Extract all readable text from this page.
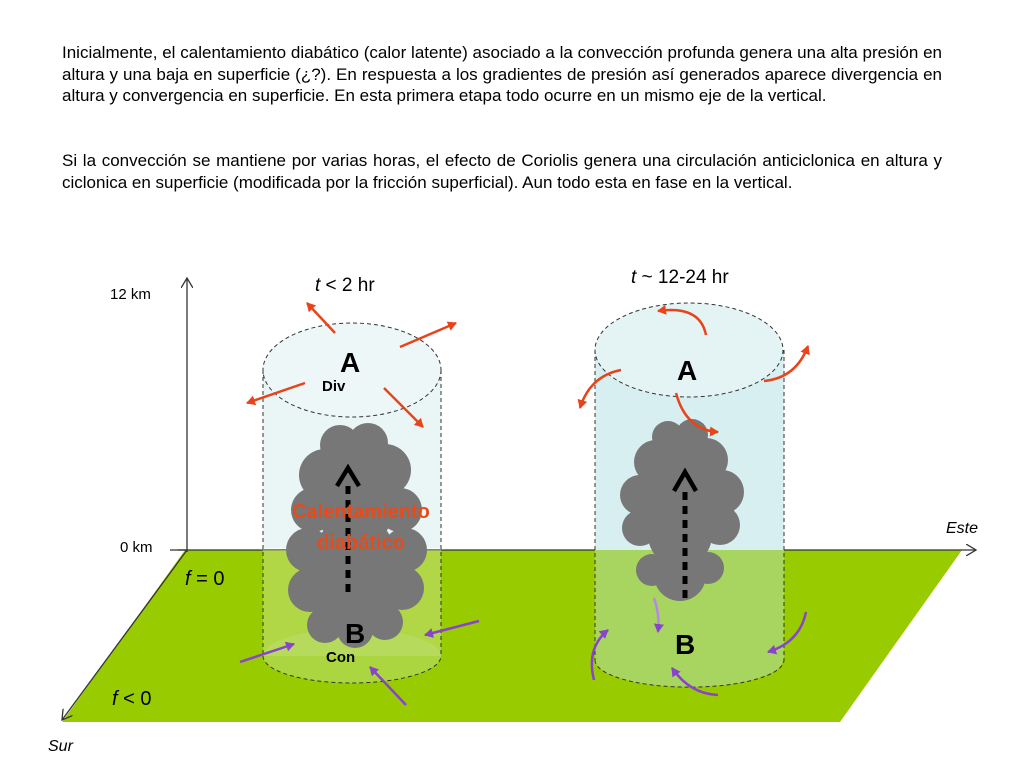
Inicialmente, el calentamiento diabático (calor latente) asociado a la convección profunda genera una alta presión en altura y una baja en superficie (¿?). En respuesta a los gradientes de presión así generados aparece divergencia en altura y convergencia en superficie. En esta primera etapa todo ocurre en un mismo eje de la vertical.

Si la convección se mantiene por varias horas, el efecto de Coriolis genera una circulación anticiclonica en altura y ciclonica en superficie (modificada por la fricción superficial). Aun todo esta en fase en la vertical.

12 km
0 km
Este
Sur
f = 0
f < 0
t < 2 hr
A
Div
B
Con
Calentamiento
diabático
t ~ 12-24 hr
A
B
